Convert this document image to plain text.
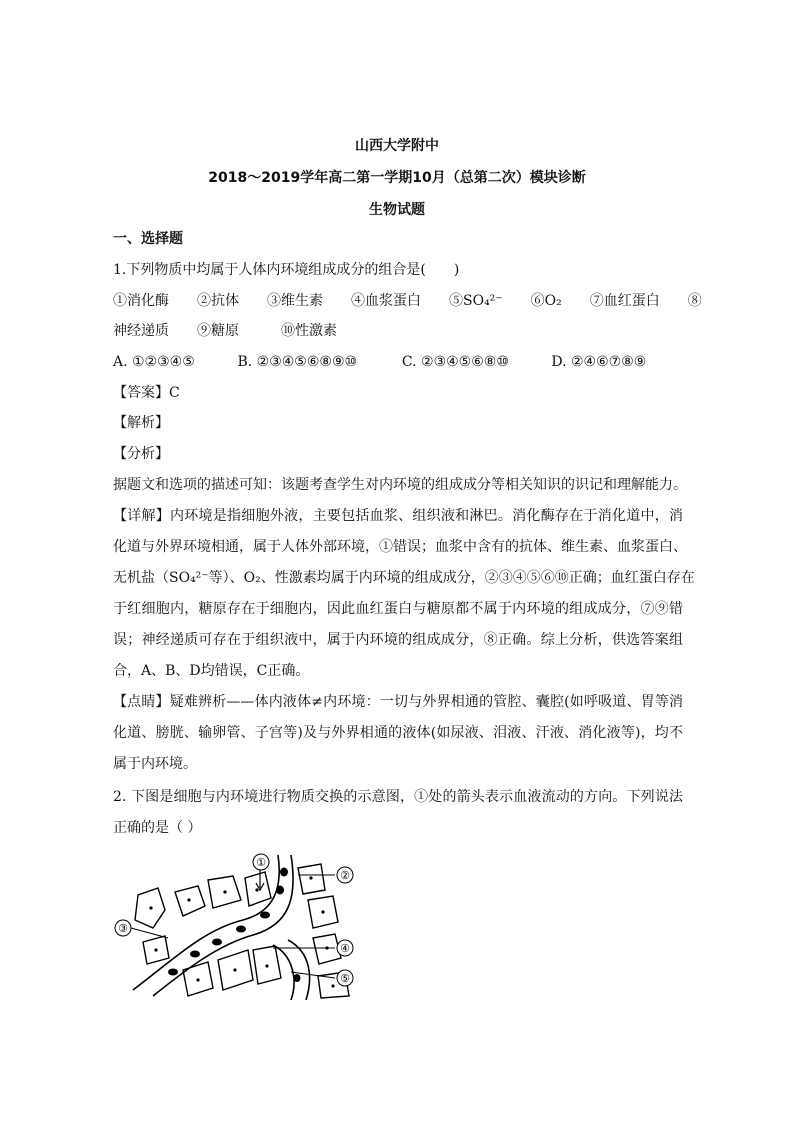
山西大学附中
2018～2019学年高二第一学期10月（总第二次）模块诊断
生物试题
一、选择题
1.下列物质中均属于人体内环境组成成分的组合是(　　)
①消化酶　　②抗体　　③维生素　　④血浆蛋白　　⑤SO₄²⁻　　⑥O₂　　⑦血红蛋白　　⑧
神经递质　　⑨糖原　　　⑩性激素
A. ①②③④⑤	B. ②③④⑤⑥⑧⑨⑩	C. ②③④⑤⑥⑧⑩	D. ②④⑥⑦⑧⑨
【答案】C
【解析】
【分析】
据题文和选项的描述可知：该题考查学生对内环境的组成成分等相关知识的识记和理解能力。
【详解】内环境是指细胞外液，主要包括血浆、组织液和淋巴。消化酶存在于消化道中，消
化道与外界环境相通，属于人体外部环境，①错误；血浆中含有的抗体、维生素、血浆蛋白、
无机盐（SO₄²⁻等）、O₂、性激素均属于内环境的组成成分，②③④⑤⑥⑩正确；血红蛋白存在
于红细胞内，糖原存在于细胞内，因此血红蛋白与糖原都不属于内环境的组成成分，⑦⑨错
误；神经递质可存在于组织液中，属于内环境的组成成分，⑧正确。综上分析，供选答案组
合，A、B、D均错误，C正确。
【点睛】疑难辨析——体内液体≠内环境：一切与外界相通的管腔、囊腔(如呼吸道、胃等消
化道、膀胱、输卵管、子宫等)及与外界相通的液体(如尿液、泪液、汗液、消化液等)，均不
属于内环境。
2. 下图是细胞与内环境进行物质交换的示意图，①处的箭头表示血液流动的方向。下列说法
正确的是（ ）
①
②
③
④
⑤
